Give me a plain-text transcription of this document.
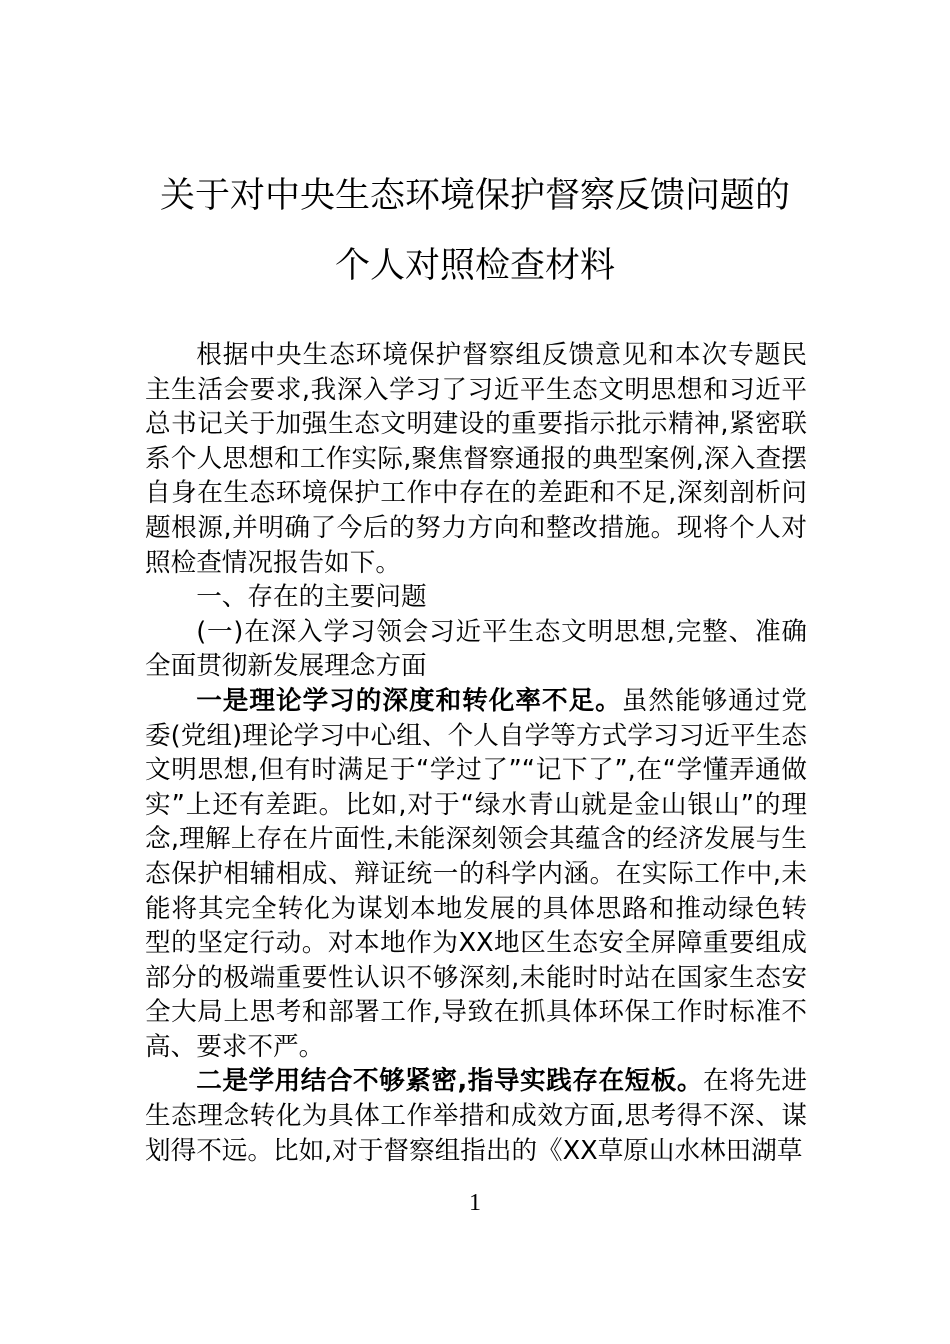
关于对中央生态环境保护督察反馈问题的
个人对照检查材料

根据中央生态环境保护督察组反馈意见和本次专题民主生活会要求,我深入学习了习近平生态文明思想和习近平总书记关于加强生态文明建设的重要指示批示精神,紧密联系个人思想和工作实际,聚焦督察通报的典型案例,深入查摆自身在生态环境保护工作中存在的差距和不足,深刻剖析问题根源,并明确了今后的努力方向和整改措施。现将个人对照检查情况报告如下。

一、存在的主要问题

(一)在深入学习领会习近平生态文明思想,完整、准确全面贯彻新发展理念方面

一是理论学习的深度和转化率不足。虽然能够通过党委(党组)理论学习中心组、个人自学等方式学习习近平生态文明思想,但有时满足于“学过了”“记下了”,在“学懂弄通做实”上还有差距。比如,对于“绿水青山就是金山银山”的理念,理解上存在片面性,未能深刻领会其蕴含的经济发展与生态保护相辅相成、辩证统一的科学内涵。在实际工作中,未能将其完全转化为谋划本地发展的具体思路和推动绿色转型的坚定行动。对本地作为XX地区生态安全屏障重要组成部分的极端重要性认识不够深刻,未能时时站在国家生态安全大局上思考和部署工作,导致在抓具体环保工作时标准不高、要求不严。

二是学用结合不够紧密,指导实践存在短板。在将先进生态理念转化为具体工作举措和成效方面,思考得不深、谋划得不远。比如,对于督察组指出的《XX草原山水林田湖草

1
